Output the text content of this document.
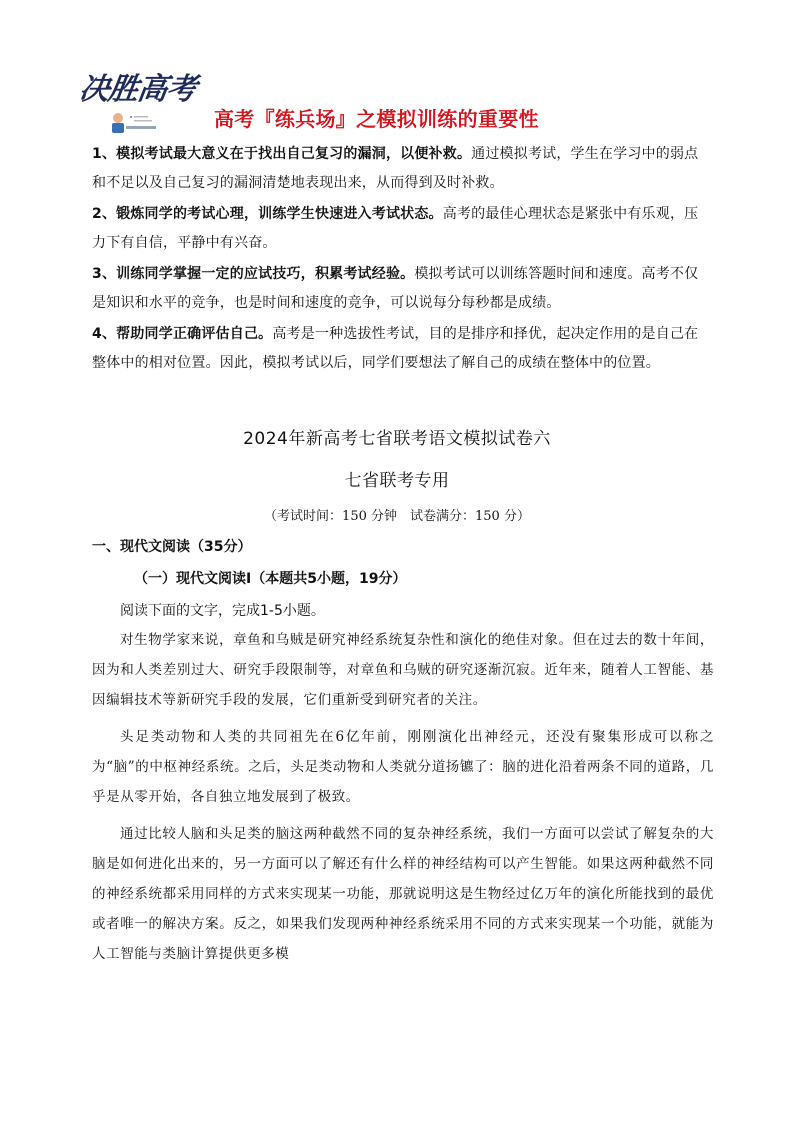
决胜高考
高考『练兵场』之模拟训练的重要性

1、模拟考试最大意义在于找出自己复习的漏洞，以便补救。通过模拟考试，学生在学习中的弱点和不足以及自己复习的漏洞清楚地表现出来，从而得到及时补救。

2、锻炼同学的考试心理，训练学生快速进入考试状态。高考的最佳心理状态是紧张中有乐观，压力下有自信，平静中有兴奋。

3、训练同学掌握一定的应试技巧，积累考试经验。模拟考试可以训练答题时间和速度。高考不仅是知识和水平的竞争，也是时间和速度的竞争，可以说每分每秒都是成绩。

4、帮助同学正确评估自己。高考是一种选拔性考试，目的是排序和择优，起决定作用的是自己在整体中的相对位置。因此，模拟考试以后，同学们要想法了解自己的成绩在整体中的位置。

2024年新高考七省联考语文模拟试卷六
七省联考专用
（考试时间：150 分钟　试卷满分：150 分）
一、现代文阅读（35分）
（一）现代文阅读Ⅰ（本题共5小题，19分）
阅读下面的文字，完成1-5小题。

对生物学家来说，章鱼和乌贼是研究神经系统复杂性和演化的绝佳对象。但在过去的数十年间，因为和人类差别过大、研究手段限制等，对章鱼和乌贼的研究逐渐沉寂。近年来，随着人工智能、基因编辑技术等新研究手段的发展，它们重新受到研究者的关注。

头足类动物和人类的共同祖先在6亿年前，刚刚演化出神经元，还没有聚集形成可以称之为“脑”的中枢神经系统。之后，头足类动物和人类就分道扬镳了：脑的进化沿着两条不同的道路，几乎是从零开始，各自独立地发展到了极致。

通过比较人脑和头足类的脑这两种截然不同的复杂神经系统，我们一方面可以尝试了解复杂的大脑是如何进化出来的，另一方面可以了解还有什么样的神经结构可以产生智能。如果这两种截然不同的神经系统都采用同样的方式来实现某一功能，那就说明这是生物经过亿万年的演化所能找到的最优或者唯一的解决方案。反之，如果我们发现两种神经系统采用不同的方式来实现某一个功能，就能为人工智能与类脑计算提供更多模
